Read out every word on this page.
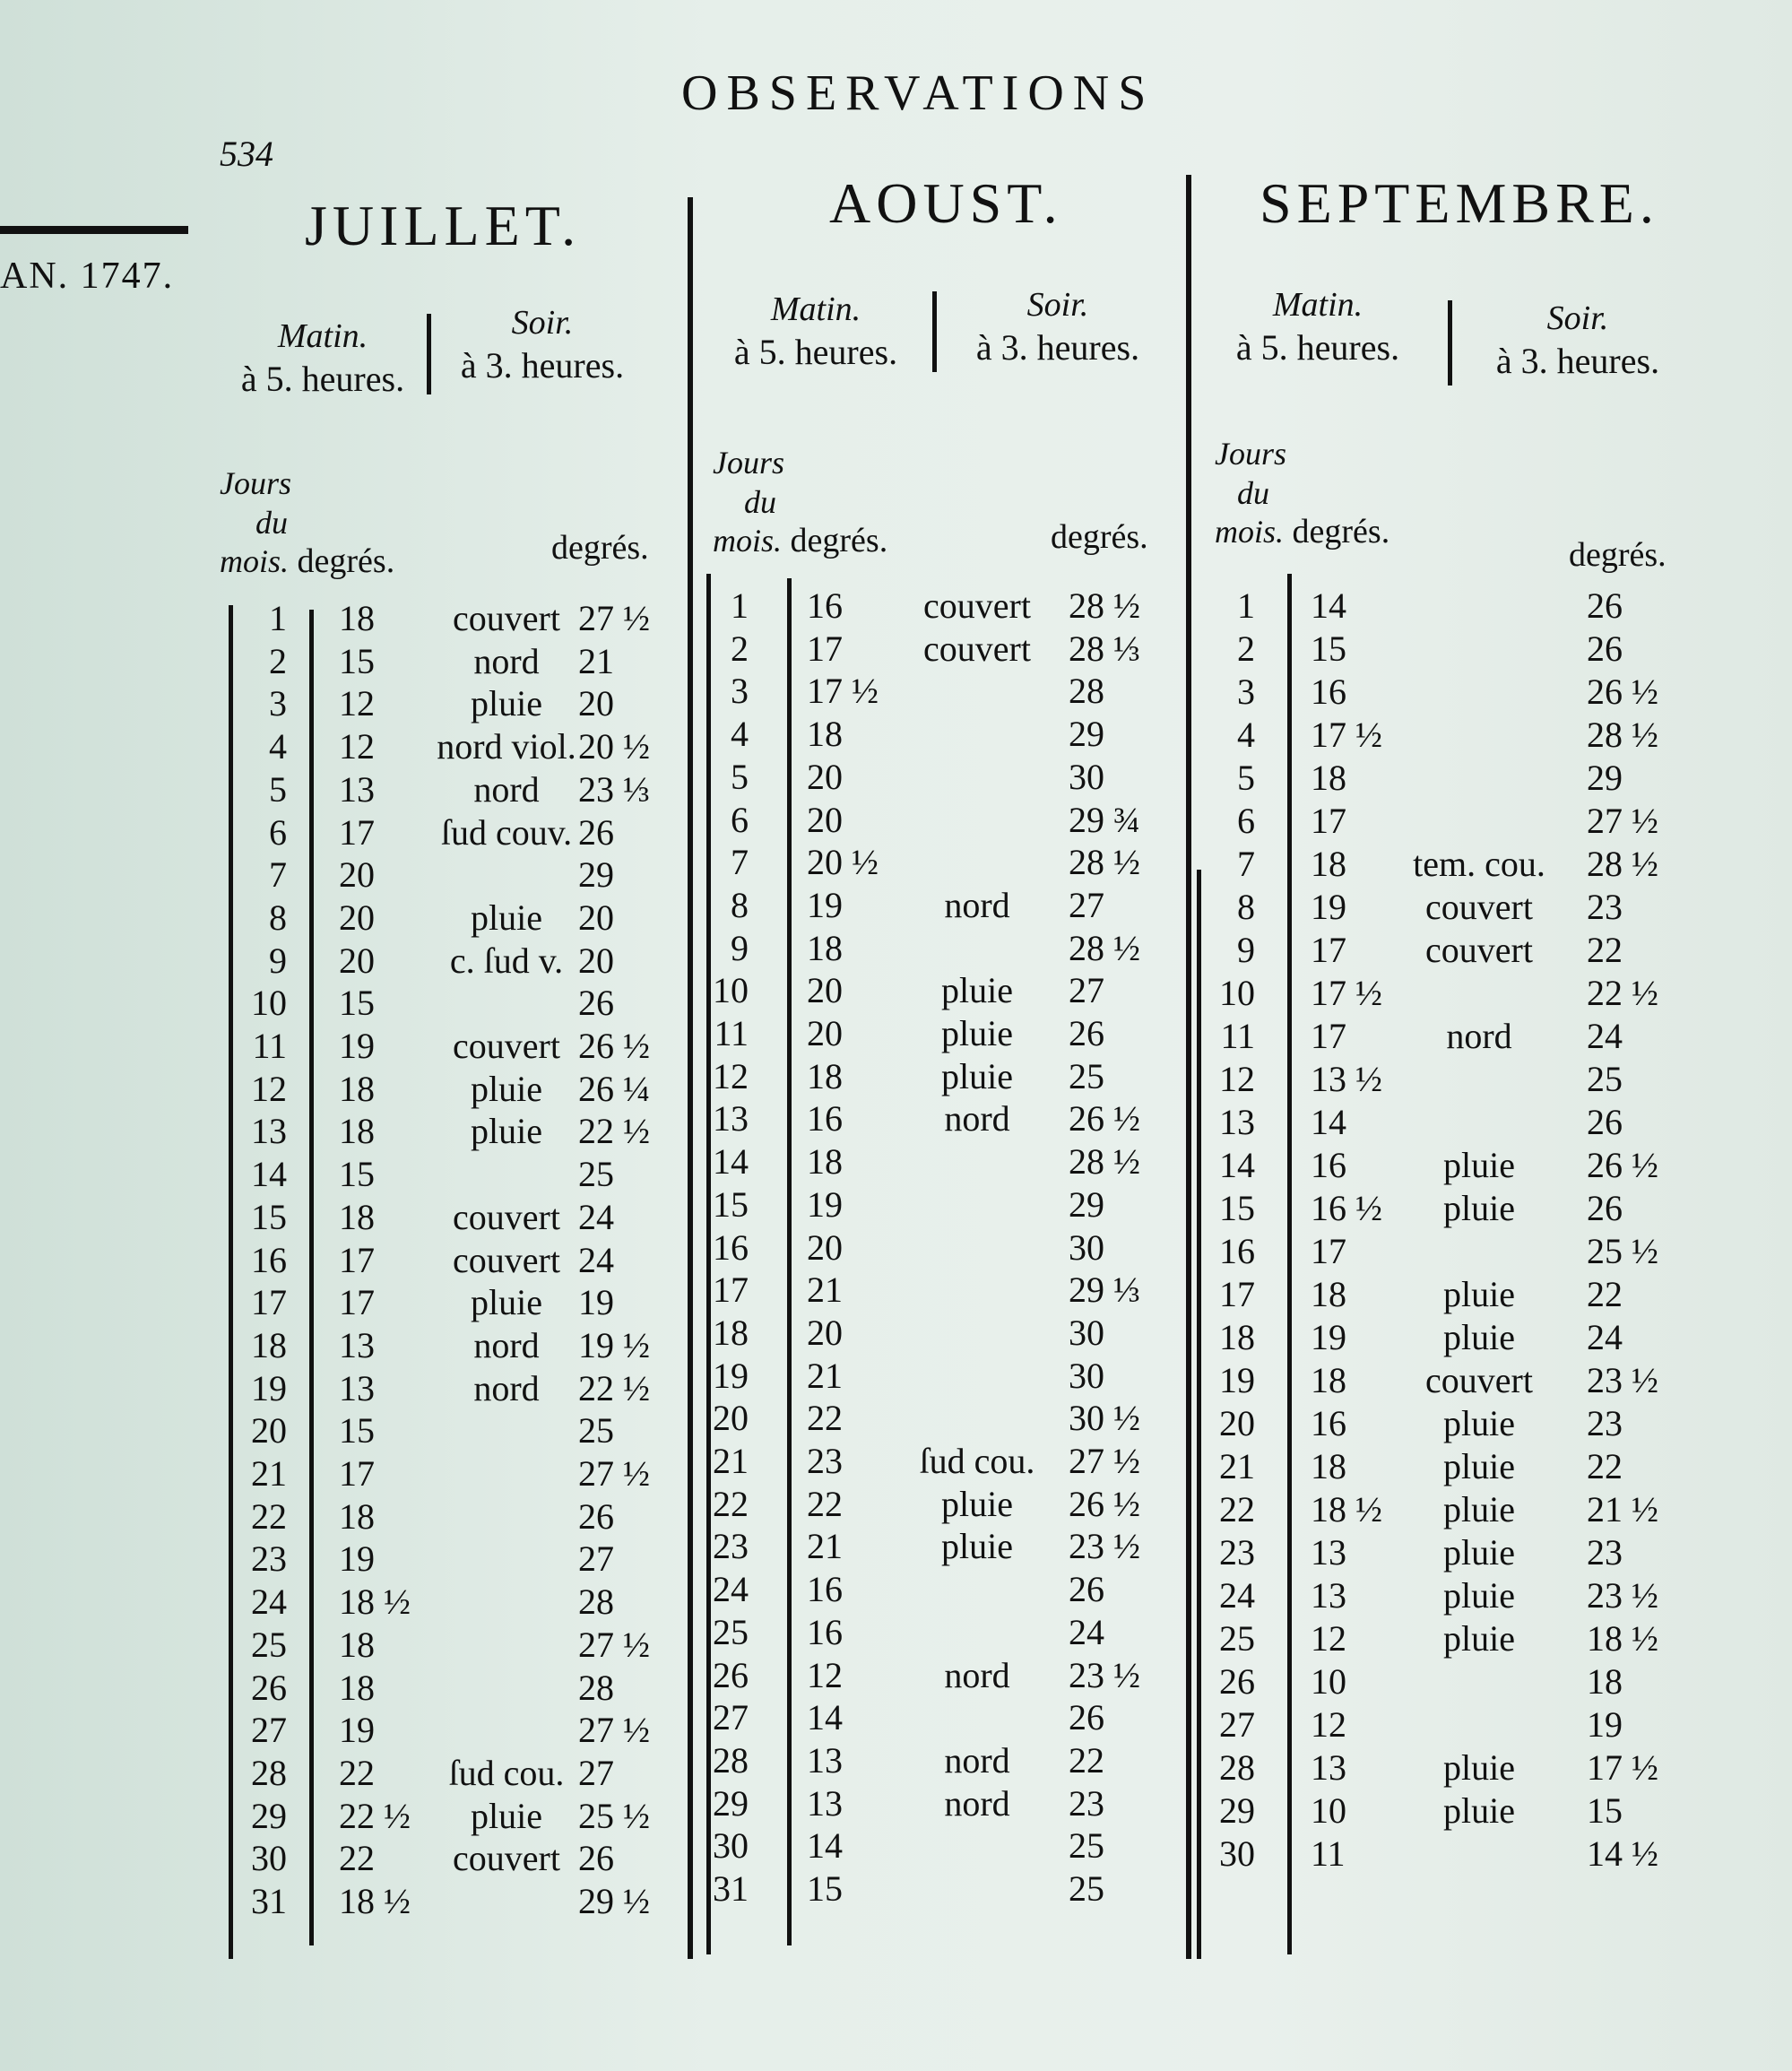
OBSERVATIONS
534
AN. 1747.
JUILLET.	AOUST.	SEPTEMBRE.
Matin.
à 5. heures.
Soir.
à 3. heures.
Matin.
à 5. heures.
Soir.
à 3. heures.
Matin.
à 5. heures.
Soir.
à 3. heures.
Jours
du
mois. degrés.	degrés.
Jours
du
mois. degrés.	degrés.
Jours
du
mois. degrés.
degrés.
1 18	couvert 27 ½
2 15	nord	21
3 12	pluie	20
4 12	nord viol. 20 ½
5 13	nord	23 ⅓
6 17	ſud couv. 26
7 20	29
8 20	pluie	20
9 20	c. ſud v. 20
10 15	26
11 19	couvert 26 ½
12 18	pluie	26 ¼
13 18	pluie	22 ½
14 15	25
15 18	couvert 24
16 17	couvert 24
17 17	pluie	19
18 13	nord	19 ½
19 13	nord	22 ½
20 15	25
21 17	27 ½
22 18	26
23 19	27
24 18 ½	28
25 18	27 ½
26 18	28
27 19	27 ½
28 22	ſud cou. 27
29 22 ½	pluie	25 ½
30 22	couvert 26
31 18 ½	29 ½
1 16	couvert	28 ½
2 17	couvert	28 ⅓
3 17 ½	28
4 18	29
5 20	30
6 20	29 ¾
7 20 ½	28 ½
8 19	nord	27
9 18	28 ½
10 20	pluie	27
11 20	pluie	26
12 18	pluie	25
13 16	nord	26 ½
14 18	28 ½
15 19	29
16 20	30
17 21	29 ⅓
18 20	30
19 21	30
20 22	30 ½
21 23	ſud cou. 27 ½
22 22	pluie	26 ½
23 21	pluie	23 ½
24 16	26
25 16	24
26 12	nord	23 ½
27 14	26
28 13	nord	22
29 13	nord	23
30 14	25
31 15	25
1 14	26
2 15	26
3 16	26 ½
4 17 ½	28 ½
5 18	29
6 17	27 ½
7 18	tem. cou.	28 ½
8 19	couvert	23
9 17	couvert	22
10 17 ½	22 ½
11 17	nord	24
12 13 ½	25
13 14	26
14 16	pluie	26 ½
15 16 ½	pluie	26
16 17	25 ½
17 18	pluie	22
18 19	pluie	24
19 18	couvert	23 ½
20 16	pluie	23
21 18	pluie	22
22 18 ½	pluie	21 ½
23 13	pluie	23
24 13	pluie	23 ½
25 12	pluie	18 ½
26 10	18
27 12	19
28 13	pluie	17 ½
29 10	pluie	15
30 11	14 ½
